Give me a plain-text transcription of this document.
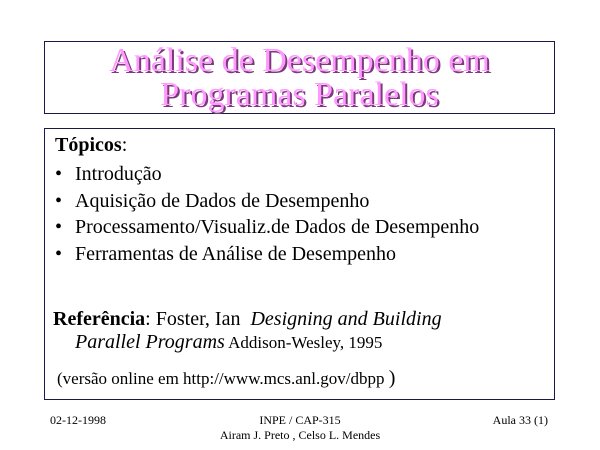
Análise de Desempenho em
Programas Paralelos
Tópicos:
• Introdução
• Aquisição de Dados de Desempenho
• Processamento/Visualiz.de Dados de Desempenho
• Ferramentas de Análise de Desempenho
Referência: Foster, Ian  Designing and Building
Parallel Programs Addison-Wesley, 1995
(versão online em http://www.mcs.anl.gov/dbpp )
02-12-1998	INPE / CAP-315
Airam J. Preto , Celso L. Mendes
Aula 33 (1)
